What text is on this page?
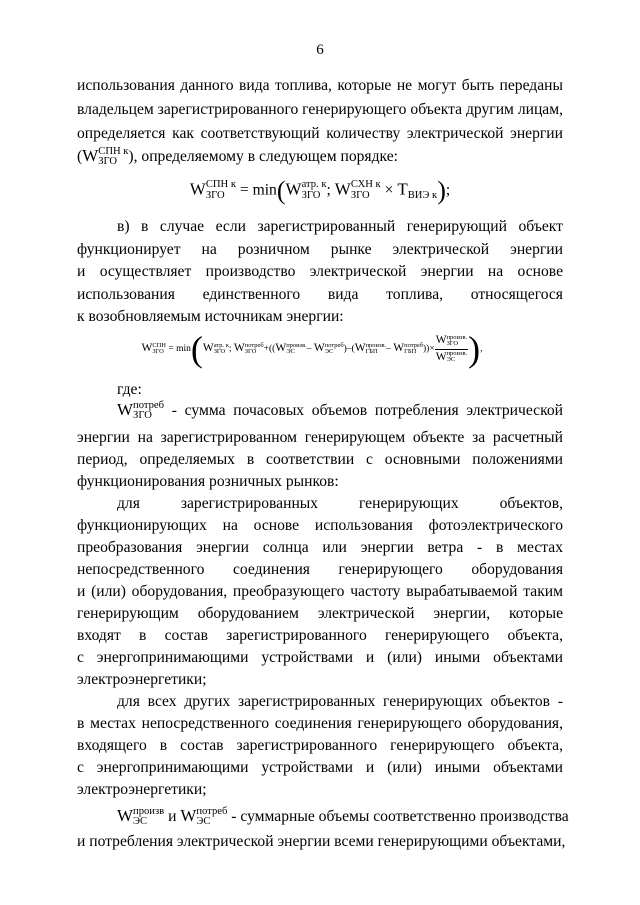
6
использования данного вида топлива, которые не могут быть переданы
владельцем зарегистрированного генерирующего объекта другим лицам,
определяется как соответствующий количеству электрической энергии
(W СПН к
ЗГО ), определяемому в следующем порядке:
W СПН к
ЗГО = min(W атр. к
ЗГО ; W СХН к
ЗГО × $T_{ВИЭ к}$);
в) в случае если зарегистрированный генерирующий объект
функционирует на розничном рынке электрической энергии
и осуществляет производство электрической энергии на основе
использования единственного вида топлива, относящегося
к возобновляемым источникам энергии:
W СПН
ЗГО = min(W атр. к
ЗГО ; W потреб
ЗГО +((W произв.
ЭС	– W потреб
ЭС	)–(W произв.
ГБП – W потреб
ГБП ))× W произв.
ЗГО
W произв.
ЭС ),
где:
W потреб
ЗГО	- сумма почасовых объемов потребления электрической
энергии на зарегистрированном генерирующем объекте за расчетный
период, определяемых в соответствии с основными положениями
функционирования розничных рынков:
для зарегистрированных генерирующих объектов,
функционирующих на основе использования фотоэлектрического
преобразования энергии солнца или энергии ветра - в местах
непосредственного соединения генерирующего оборудования
и (или) оборудования, преобразующего частоту вырабатываемой таким
генерирующим оборудованием электрической энергии, которые
входят в состав зарегистрированного генерирующего объекта,
с энергопринимающими устройствами и (или) иными объектами
электроэнергетики;
для всех других зарегистрированных генерирующих объектов -
в местах непосредственного соединения генерирующего оборудования,
входящего в состав зарегистрированного генерирующего объекта,
с энергопринимающими устройствами и (или) иными объектами
электроэнергетики;
W произв
ЭС	и W потреб
ЭС	- суммарные объемы соответственно производства
и потребления электрической энергии всеми генерирующими объектами,
